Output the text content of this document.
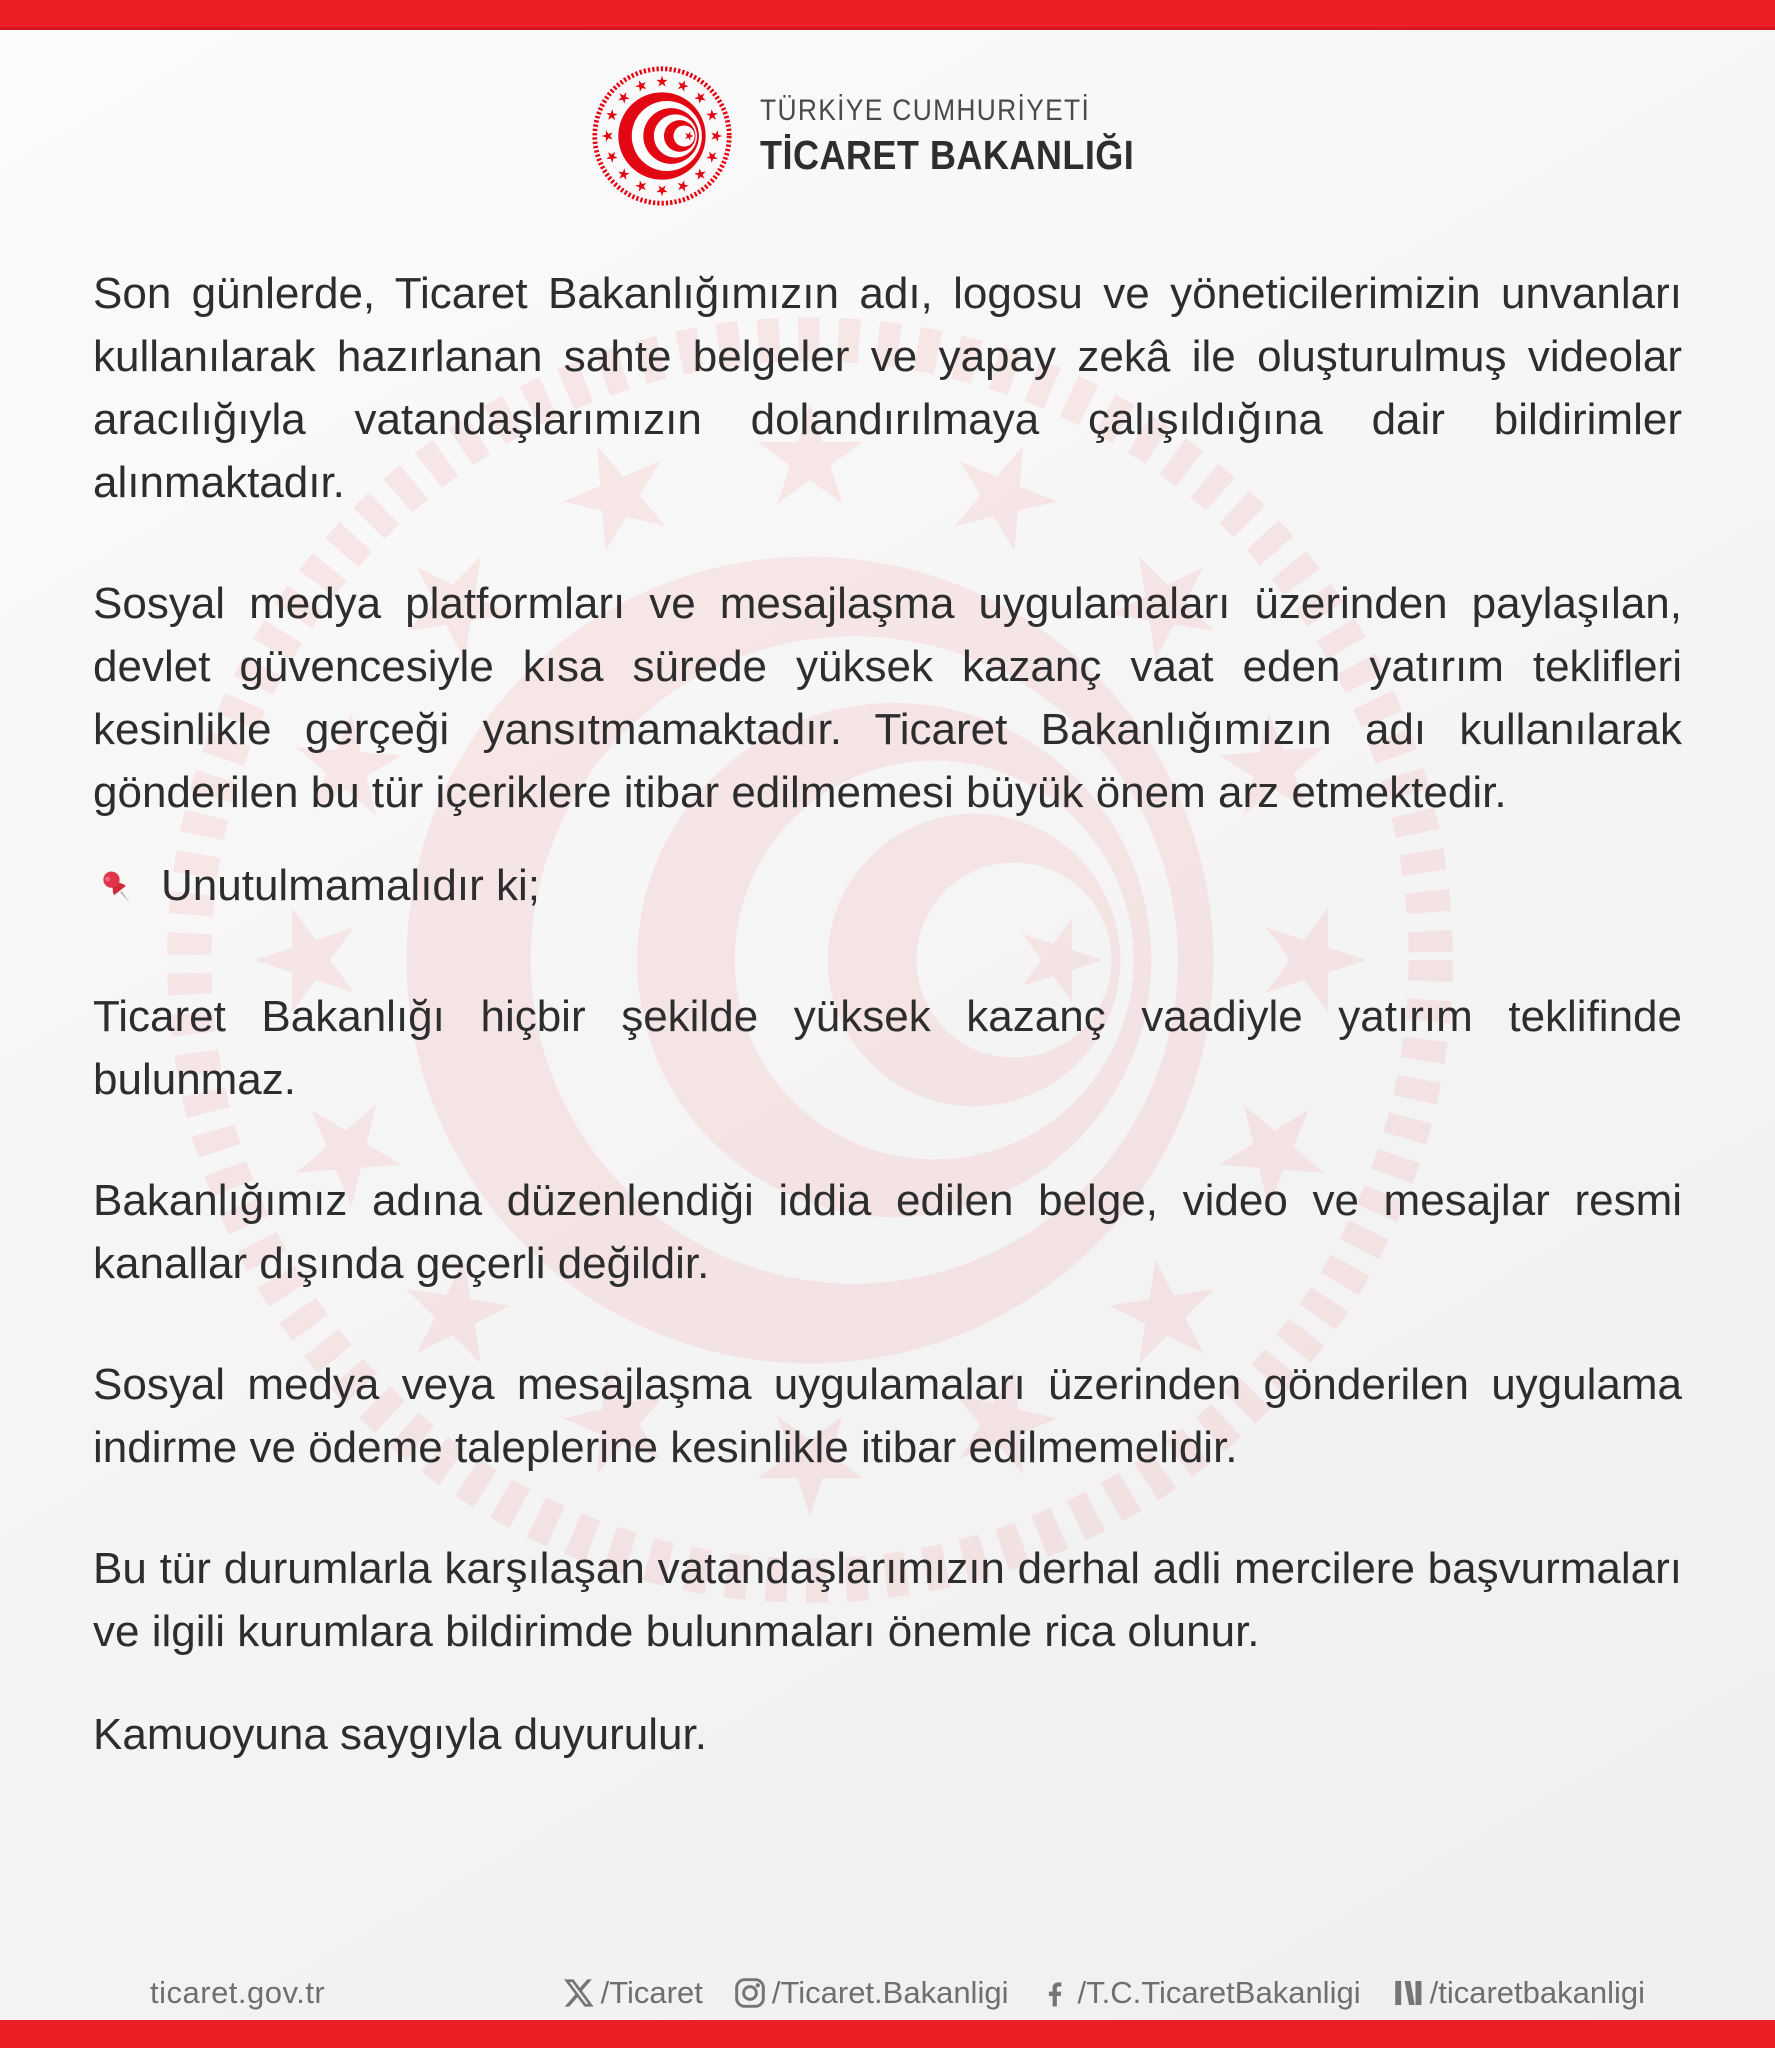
TÜRKİYE CUMHURİYETİ
TİCARET BAKANLIĞI

Son günlerde, Ticaret Bakanlığımızın adı, logosu ve yöneticilerimizin unvanları kullanılarak hazırlanan sahte belgeler ve yapay zekâ ile oluşturulmuş videolar aracılığıyla vatandaşlarımızın dolandırılmaya çalışıldığına dair bildirimler alınmaktadır.

Sosyal medya platformları ve mesajlaşma uygulamaları üzerinden paylaşılan, devlet güvencesiyle kısa sürede yüksek kazanç vaat eden yatırım teklifleri kesinlikle gerçeği yansıtmamaktadır. Ticaret Bakanlığımızın adı kullanılarak gönderilen bu tür içeriklere itibar edilmemesi büyük önem arz etmektedir.

Unutulmamalıdır ki;

Ticaret Bakanlığı hiçbir şekilde yüksek kazanç vaadiyle yatırım teklifinde bulunmaz.

Bakanlığımız adına düzenlendiği iddia edilen belge, video ve mesajlar resmi kanallar dışında geçerli değildir.

Sosyal medya veya mesajlaşma uygulamaları üzerinden gönderilen uygulama indirme ve ödeme taleplerine kesinlikle itibar edilmemelidir.

Bu tür durumlarla karşılaşan vatandaşlarımızın derhal adli mercilere başvurmaları ve ilgili kurumlara bildirimde bulunmaları önemle rica olunur.

Kamuoyuna saygıyla duyurulur.

ticaret.gov.tr	/Ticaret /Ticaret.Bakanligi /T.C.TicaretBakanligi /ticaretbakanligi
